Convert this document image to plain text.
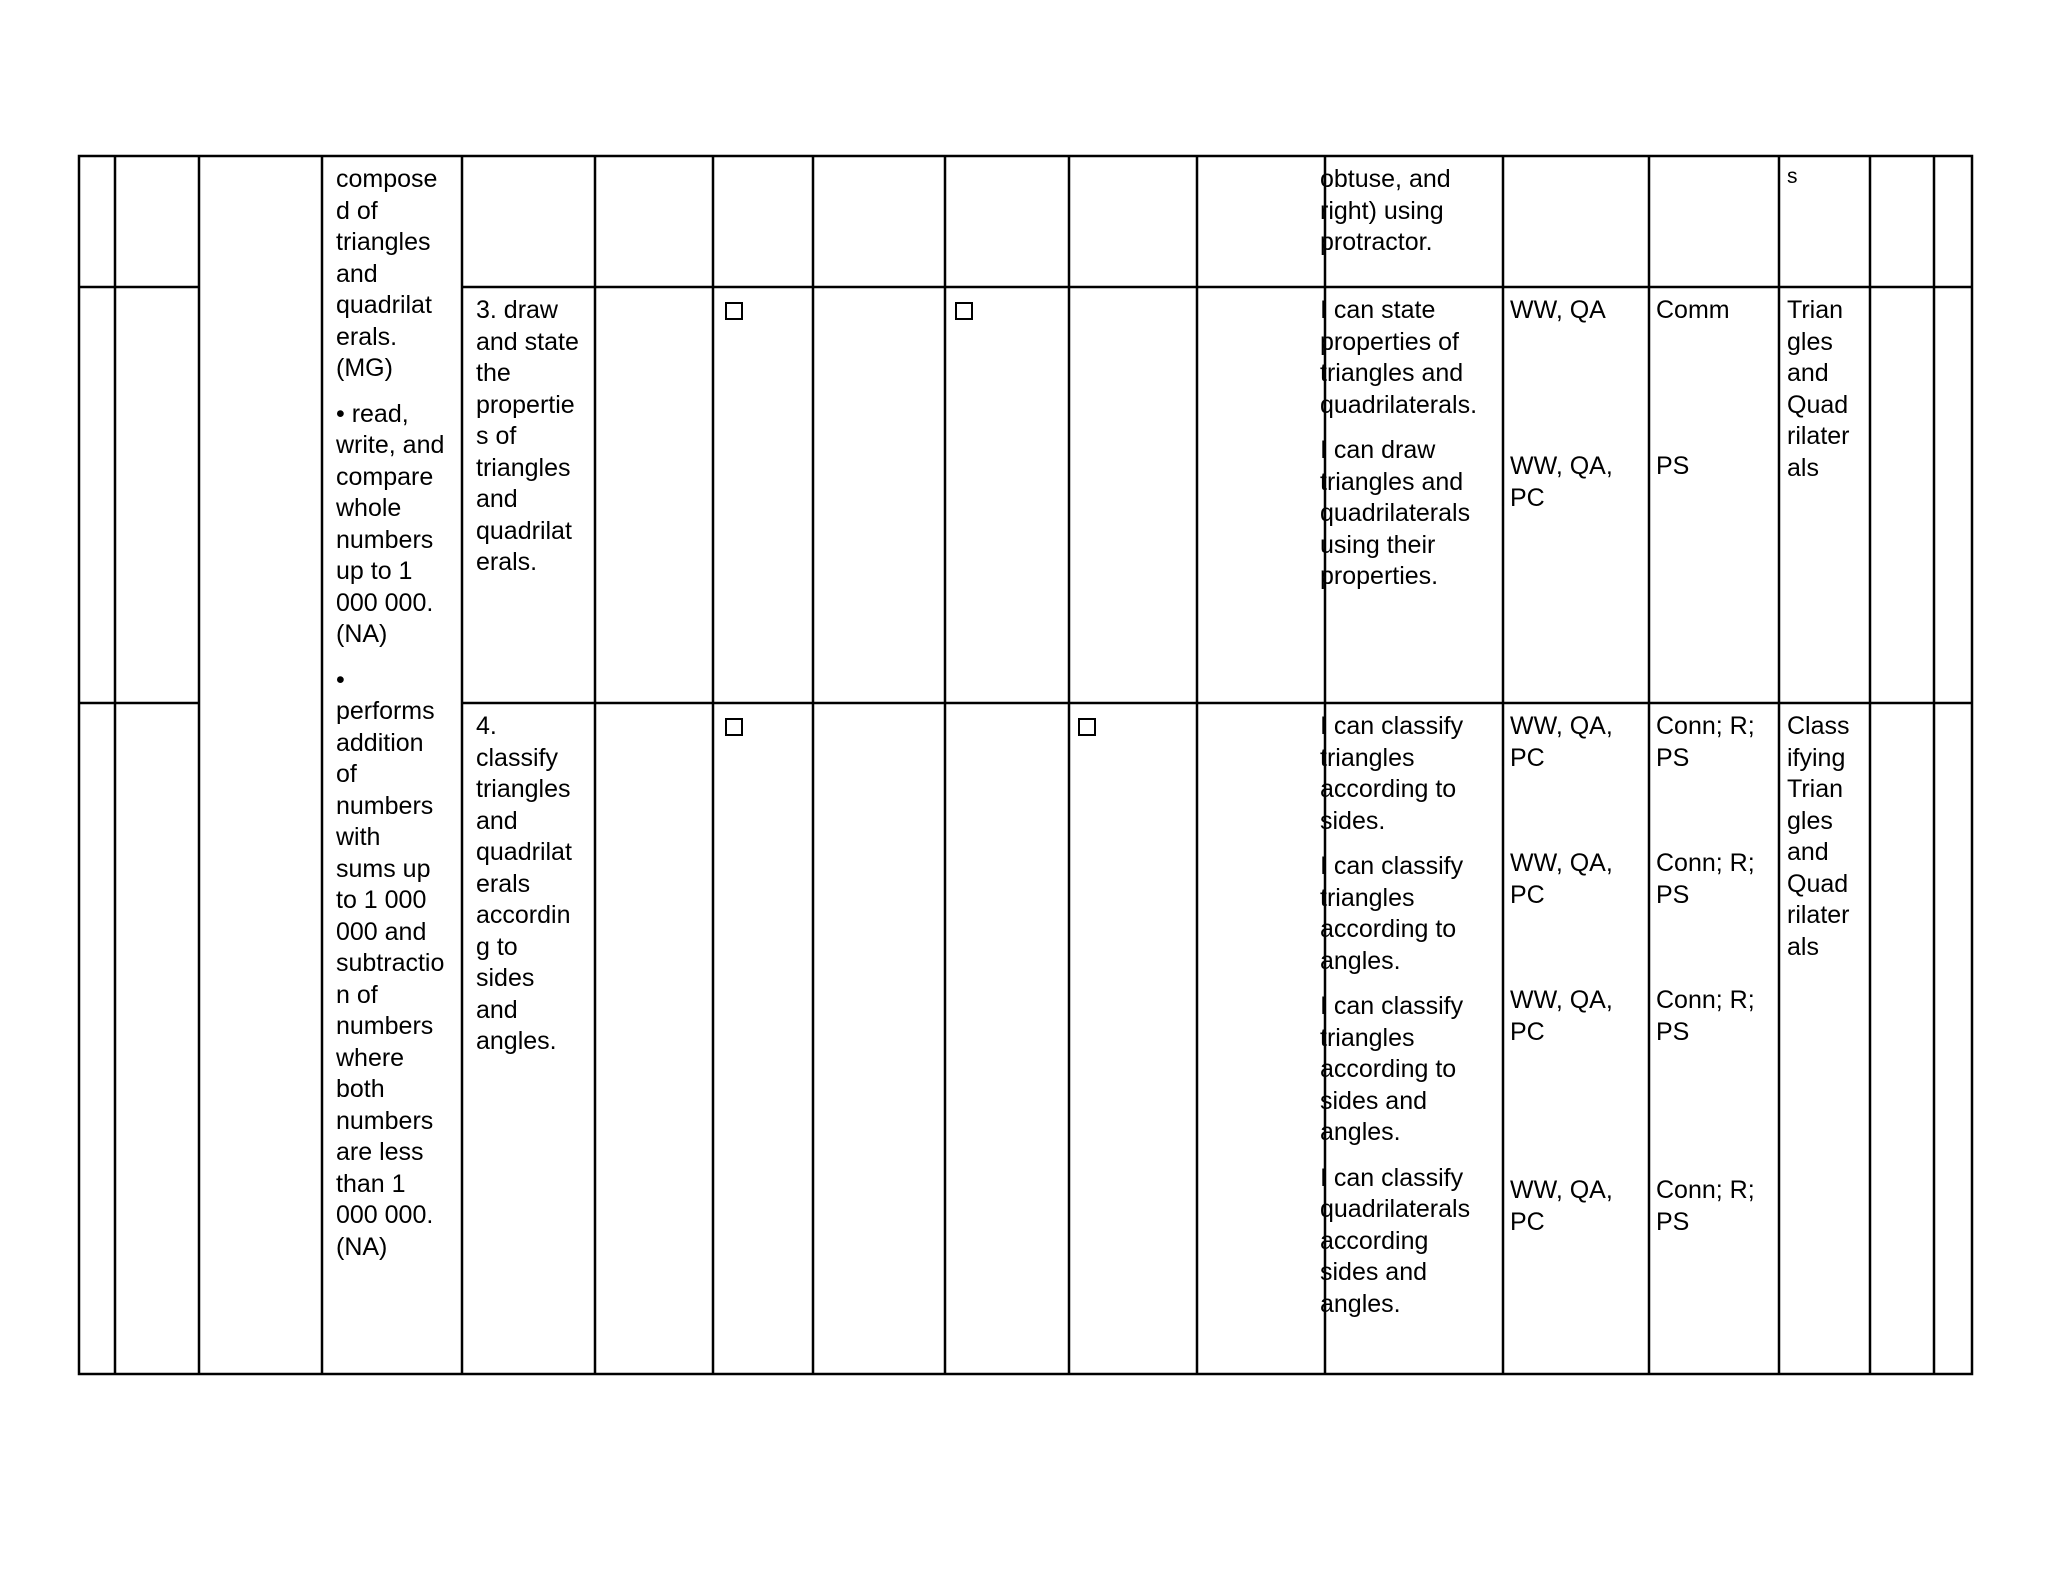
compose

d of

triangles

and

quadrilat

erals.

(MG)

• read,

write, and

compare

whole

numbers

up to 1

000 000.

(NA)

•

performs

addition

of

numbers

with

sums up

to 1 000

000 and

subtractio

n of

numbers

where

both

numbers

are less

than 1

000 000.

(NA)

obtuse, and

right) using

protractor.

s

3. draw

and state

the

propertie

s of

triangles

and

quadrilat

erals.

I can state

properties of

triangles and

quadrilaterals.

I can draw

triangles and

quadrilaterals

using their

properties.

WW, QA

WW, QA,

PC

Comm

PS

Trian

gles

and

Quad

rilater

als

4.

classify

triangles

and

quadrilat

erals

accordin

g to

sides

and

angles.

I can classify

triangles

according to

sides.

I can classify

triangles

according to

angles.

I can classify

triangles

according to

sides and

angles.

I can classify

quadrilaterals

according

sides and

angles.

WW, QA,

PC

WW, QA,

PC

WW, QA,

PC

WW, QA,

PC

Conn; R;

PS

Conn; R;

PS

Conn; R;

PS

Conn; R;

PS

Class

ifying

Trian

gles

and

Quad

rilater

als
